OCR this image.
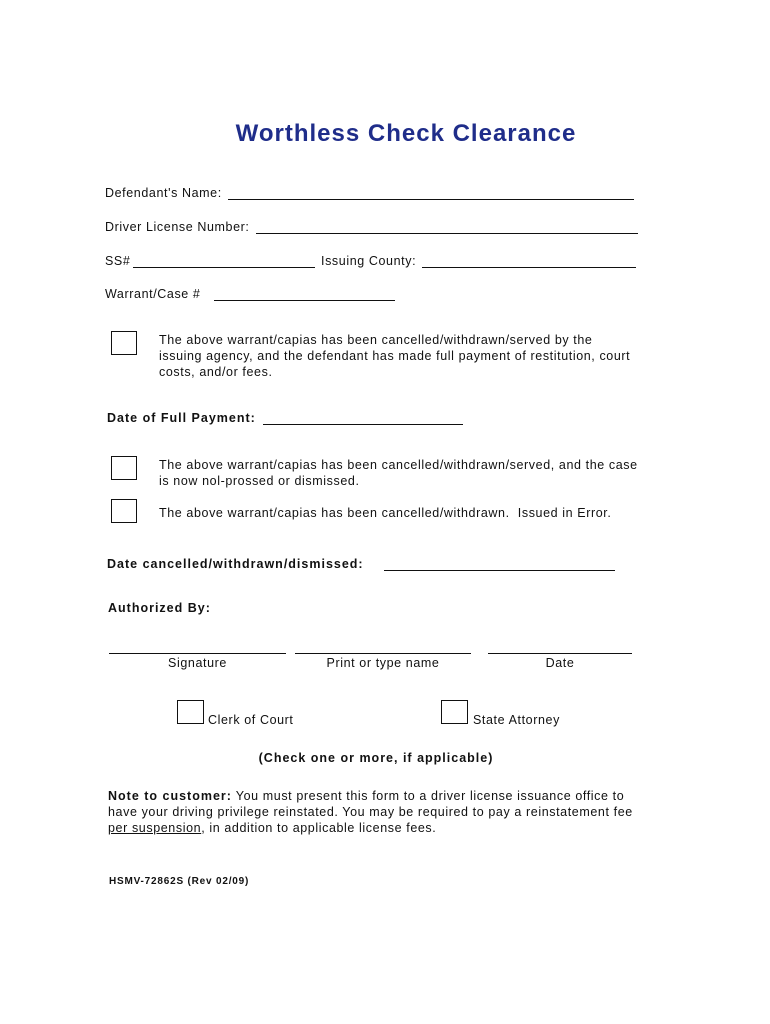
Worthless Check Clearance
Defendant's Name:
Driver License Number:
SS#	Issuing County:
Warrant/Case #
The above warrant/capias has been cancelled/withdrawn/served by the issuing agency, and the defendant has made full payment of restitution, court costs, and/or fees.
Date of Full Payment:
The above warrant/capias has been cancelled/withdrawn/served, and the case is now nol-prossed or dismissed.
The above warrant/capias has been cancelled/withdrawn.  Issued in Error.
Date cancelled/withdrawn/dismissed:
Authorized By:
Signature	Print or type name	Date
Clerk of Court	State Attorney
(Check one or more, if applicable)
Note to customer: You must present this form to a driver license issuance office to have your driving privilege reinstated. You may be required to pay a reinstatement fee per suspension, in addition to applicable license fees.
HSMV-72862S (Rev 02/09)
